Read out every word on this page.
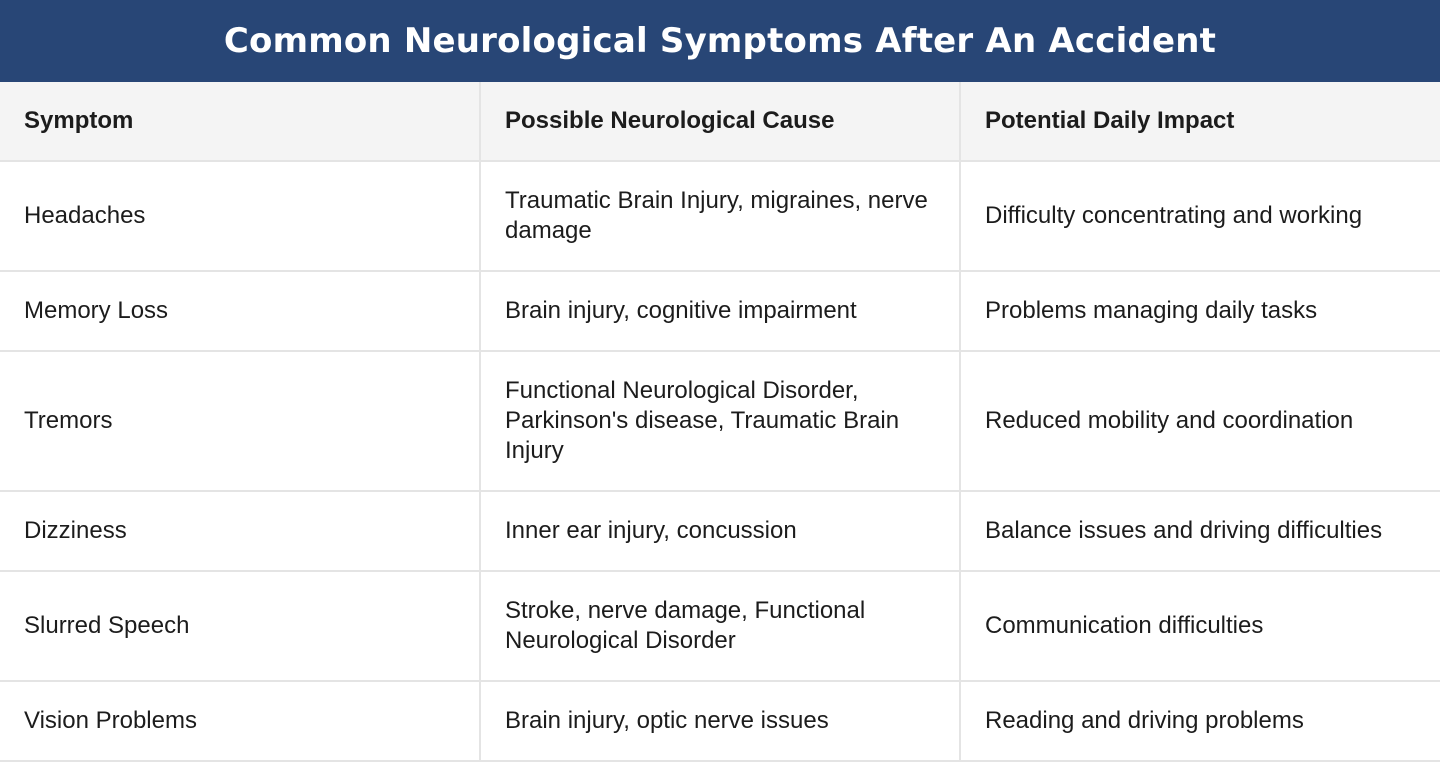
Common Neurological Symptoms After An Accident
Symptom	Possible Neurological Cause	Potential Daily Impact
Headaches	Traumatic Brain Injury, migraines, nerve damage	Difficulty concentrating and working
Memory Loss	Brain injury, cognitive impairment	Problems managing daily tasks
Tremors	Functional Neurological Disorder, Parkinson's disease, Traumatic Brain Injury	Reduced mobility and coordination
Dizziness	Inner ear injury, concussion	Balance issues and driving difficulties
Slurred Speech	Stroke, nerve damage, Functional Neurological Disorder	Communication difficulties
Vision Problems	Brain injury, optic nerve issues	Reading and driving problems
